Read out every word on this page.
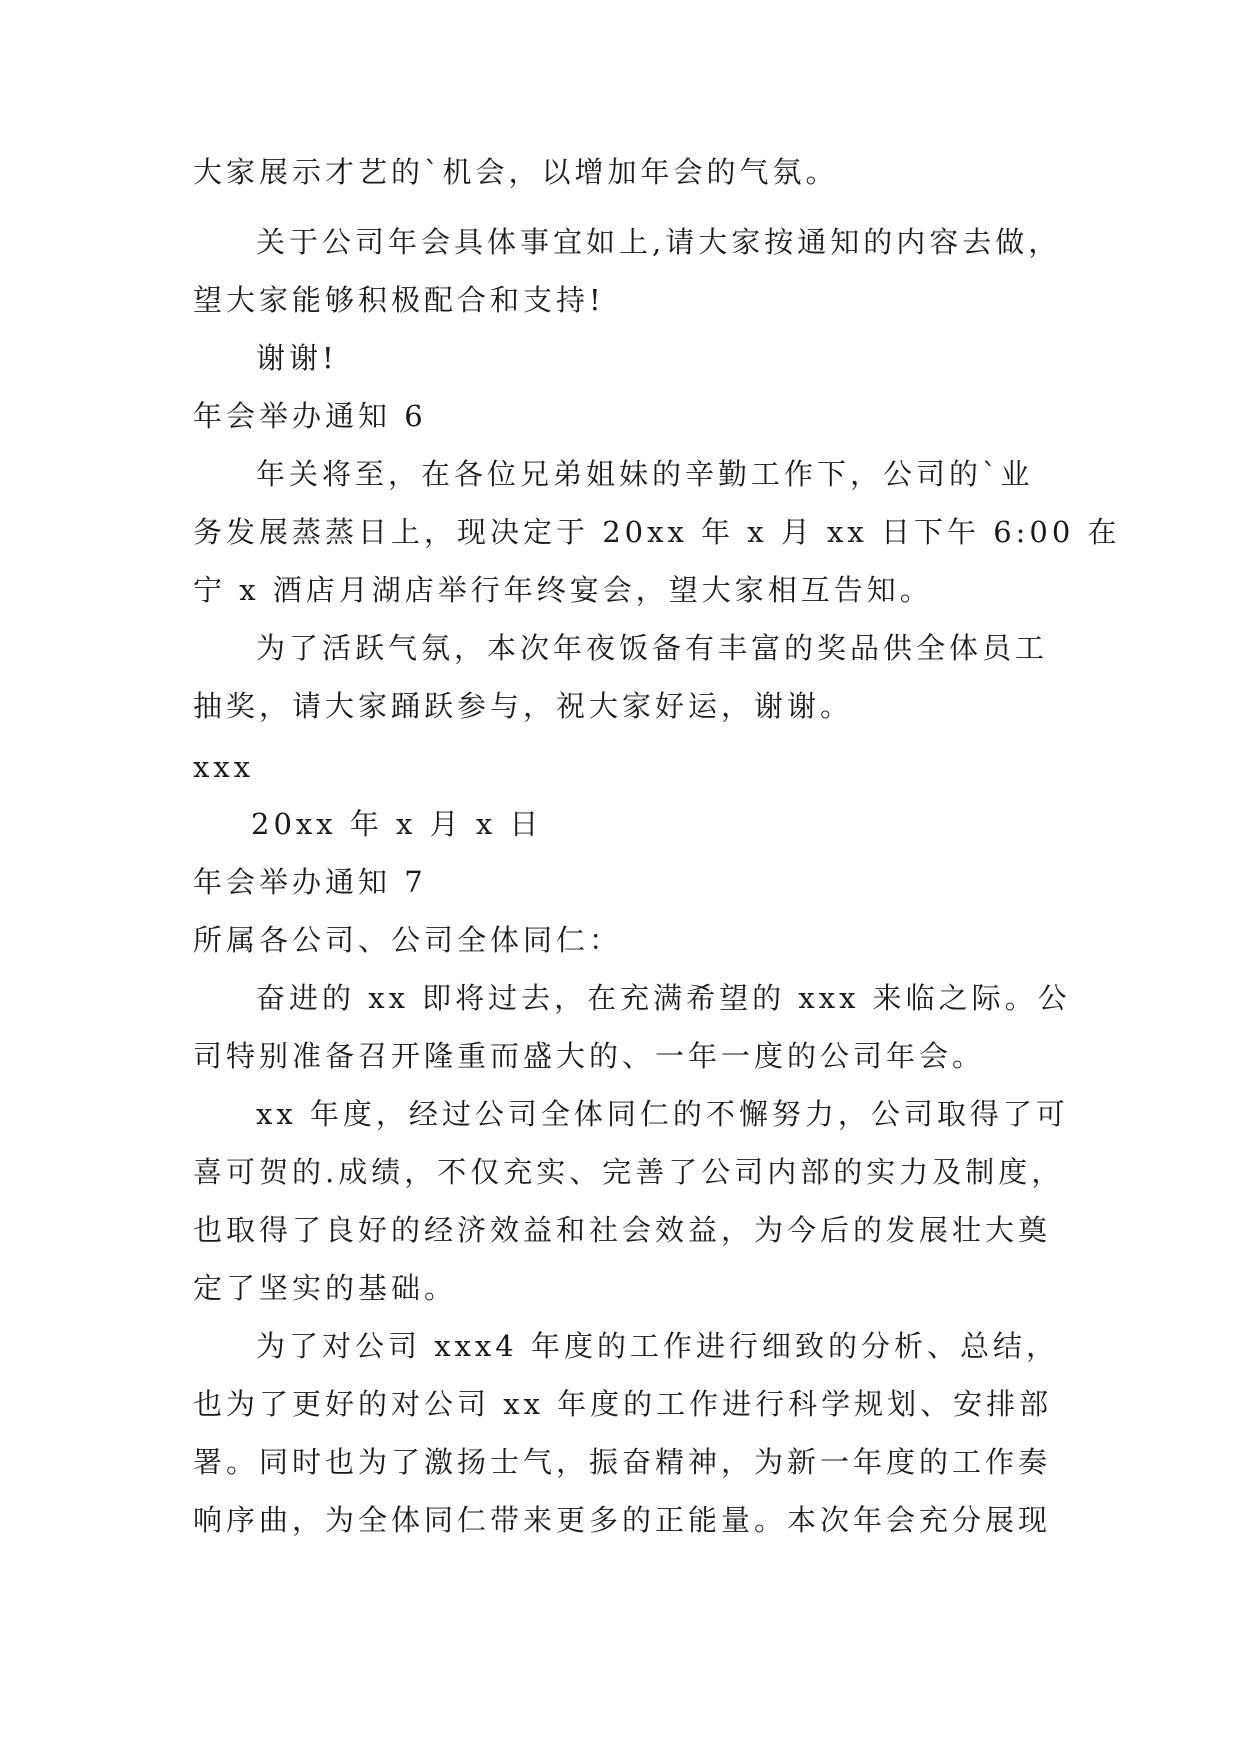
大家展示才艺的`机会，以增加年会的气氛。
关于公司年会具体事宜如上,请大家按通知的内容去做，
望大家能够积极配合和支持!
谢谢!
年会举办通知 6
年关将至，在各位兄弟姐妹的辛勤工作下，公司的`业
务发展蒸蒸日上，现决定于 20xx 年 x 月 xx 日下午 6:00 在
宁 x 酒店月湖店举行年终宴会，望大家相互告知。
为了活跃气氛，本次年夜饭备有丰富的奖品供全体员工
抽奖，请大家踊跃参与，祝大家好运，谢谢。
xxx
20xx 年 x 月 x 日
年会举办通知 7
所属各公司、公司全体同仁：
奋进的 xx 即将过去，在充满希望的 xxx 来临之际。公
司特别准备召开隆重而盛大的、一年一度的公司年会。
xx 年度，经过公司全体同仁的不懈努力，公司取得了可
喜可贺的.成绩，不仅充实、完善了公司内部的实力及制度，
也取得了良好的经济效益和社会效益，为今后的发展壮大奠
定了坚实的基础。
为了对公司 xxx4 年度的工作进行细致的分析、总结，
也为了更好的对公司 xx 年度的工作进行科学规划、安排部
署。同时也为了激扬士气，振奋精神，为新一年度的工作奏
响序曲，为全体同仁带来更多的正能量。本次年会充分展现
